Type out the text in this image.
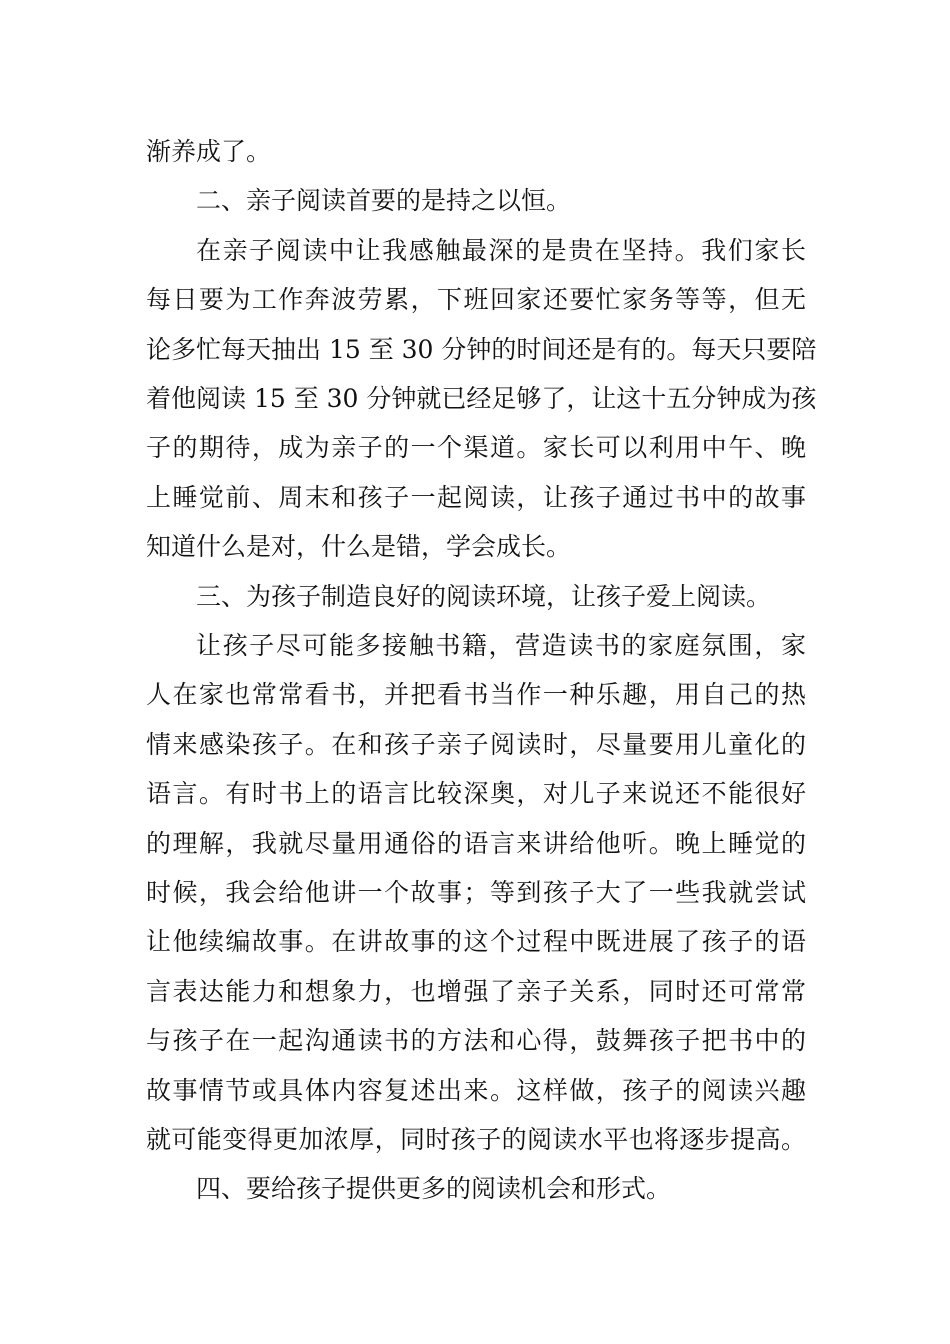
渐养成了。
二、亲子阅读首要的是持之以恒。
在亲子阅读中让我感触最深的是贵在坚持。我们家长
每日要为工作奔波劳累，下班回家还要忙家务等等，但无
论多忙每天抽出 15 至 30 分钟的时间还是有的。每天只要陪
着他阅读 15 至 30 分钟就已经足够了，让这十五分钟成为孩
子的期待，成为亲子的一个渠道。家长可以利用中午、晚
上睡觉前、周末和孩子一起阅读，让孩子通过书中的故事
知道什么是对，什么是错，学会成长。
三、为孩子制造良好的阅读环境，让孩子爱上阅读。
让孩子尽可能多接触书籍，营造读书的家庭氛围，家
人在家也常常看书，并把看书当作一种乐趣，用自己的热
情来感染孩子。在和孩子亲子阅读时，尽量要用儿童化的
语言。有时书上的语言比较深奥，对儿子来说还不能很好
的理解，我就尽量用通俗的语言来讲给他听。晚上睡觉的
时候，我会给他讲一个故事；等到孩子大了一些我就尝试
让他续编故事。在讲故事的这个过程中既进展了孩子的语
言表达能力和想象力，也增强了亲子关系，同时还可常常
与孩子在一起沟通读书的方法和心得，鼓舞孩子把书中的
故事情节或具体内容复述出来。这样做，孩子的阅读兴趣
就可能变得更加浓厚，同时孩子的阅读水平也将逐步提高。
四、要给孩子提供更多的阅读机会和形式。
